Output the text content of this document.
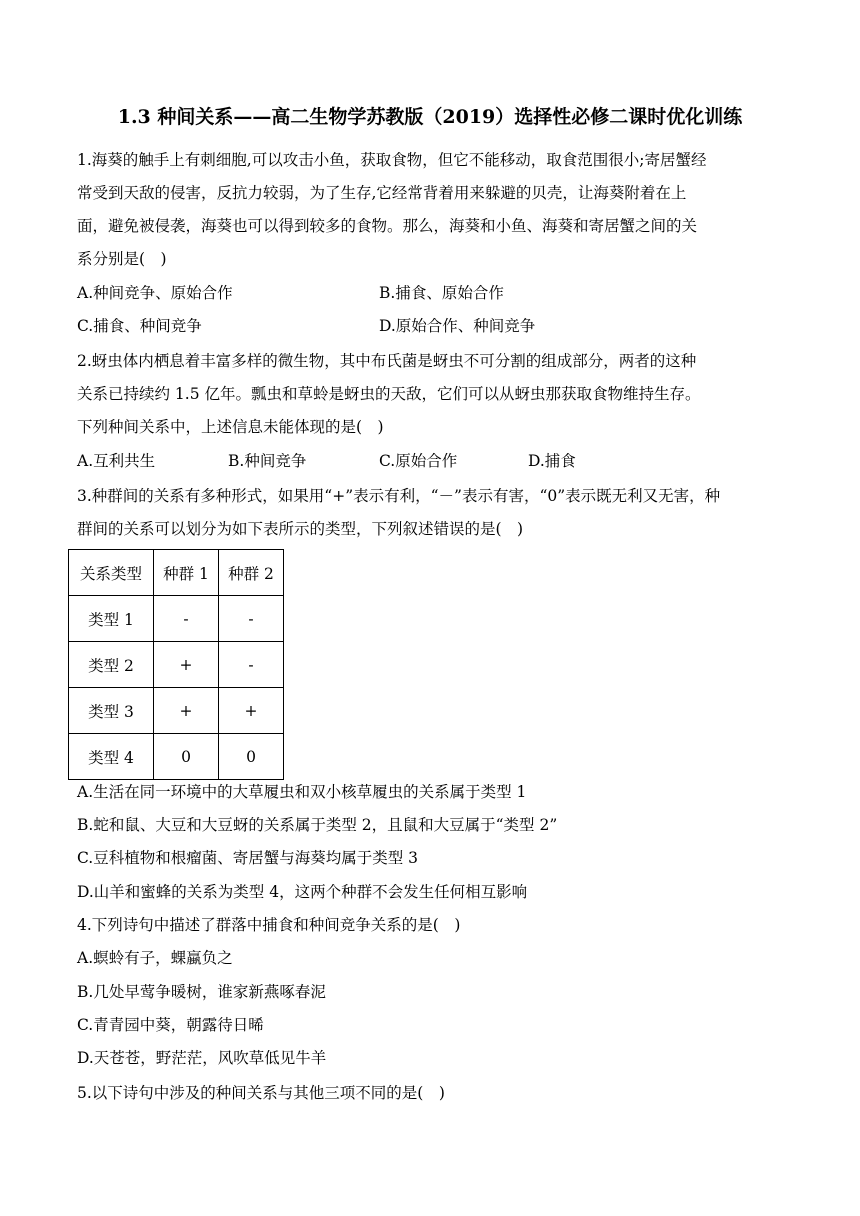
1.3 种间关系——高二生物学苏教版（2019）选择性必修二课时优化训练
1.海葵的触手上有刺细胞,可以攻击小鱼，获取食物，但它不能移动，取食范围很小;寄居蟹经
常受到天敌的侵害，反抗力较弱，为了生存,它经常背着用来躲避的贝壳，让海葵附着在上
面，避免被侵袭，海葵也可以得到较多的食物。那么，海葵和小鱼、海葵和寄居蟹之间的关
系分别是(　)
A.种间竞争、原始合作	B.捕食、原始合作
C.捕食、种间竞争	D.原始合作、种间竞争
2.蚜虫体内栖息着丰富多样的微生物，其中布氏菌是蚜虫不可分割的组成部分，两者的这种
关系已持续约 1.5 亿年。瓢虫和草蛉是蚜虫的天敌，它们可以从蚜虫那获取食物维持生存。
下列种间关系中，上述信息未能体现的是(　)
A.互利共生	B.种间竞争	C.原始合作	D.捕食
3.种群间的关系有多种形式，如果用“+”表示有利，“－”表示有害，“0”表示既无利又无害，种
群间的关系可以划分为如下表所示的类型，下列叙述错误的是(　)
关系类型	种群 1	种群 2
类型 1	-	-
类型 2	+	-
类型 3	+	+
类型 4	0	0
A.生活在同一环境中的大草履虫和双小核草履虫的关系属于类型 1
B.蛇和鼠、大豆和大豆蚜的关系属于类型 2，且鼠和大豆属于“类型 2”
C.豆科植物和根瘤菌、寄居蟹与海葵均属于类型 3
D.山羊和蜜蜂的关系为类型 4，这两个种群不会发生任何相互影响
4.下列诗句中描述了群落中捕食和种间竞争关系的是(　)
A.螟蛉有子，蜾蠃负之
B.几处早莺争暖树，谁家新燕啄春泥
C.青青园中葵，朝露待日晞
D.天苍苍，野茫茫，风吹草低见牛羊
5.以下诗句中涉及的种间关系与其他三项不同的是(　)
